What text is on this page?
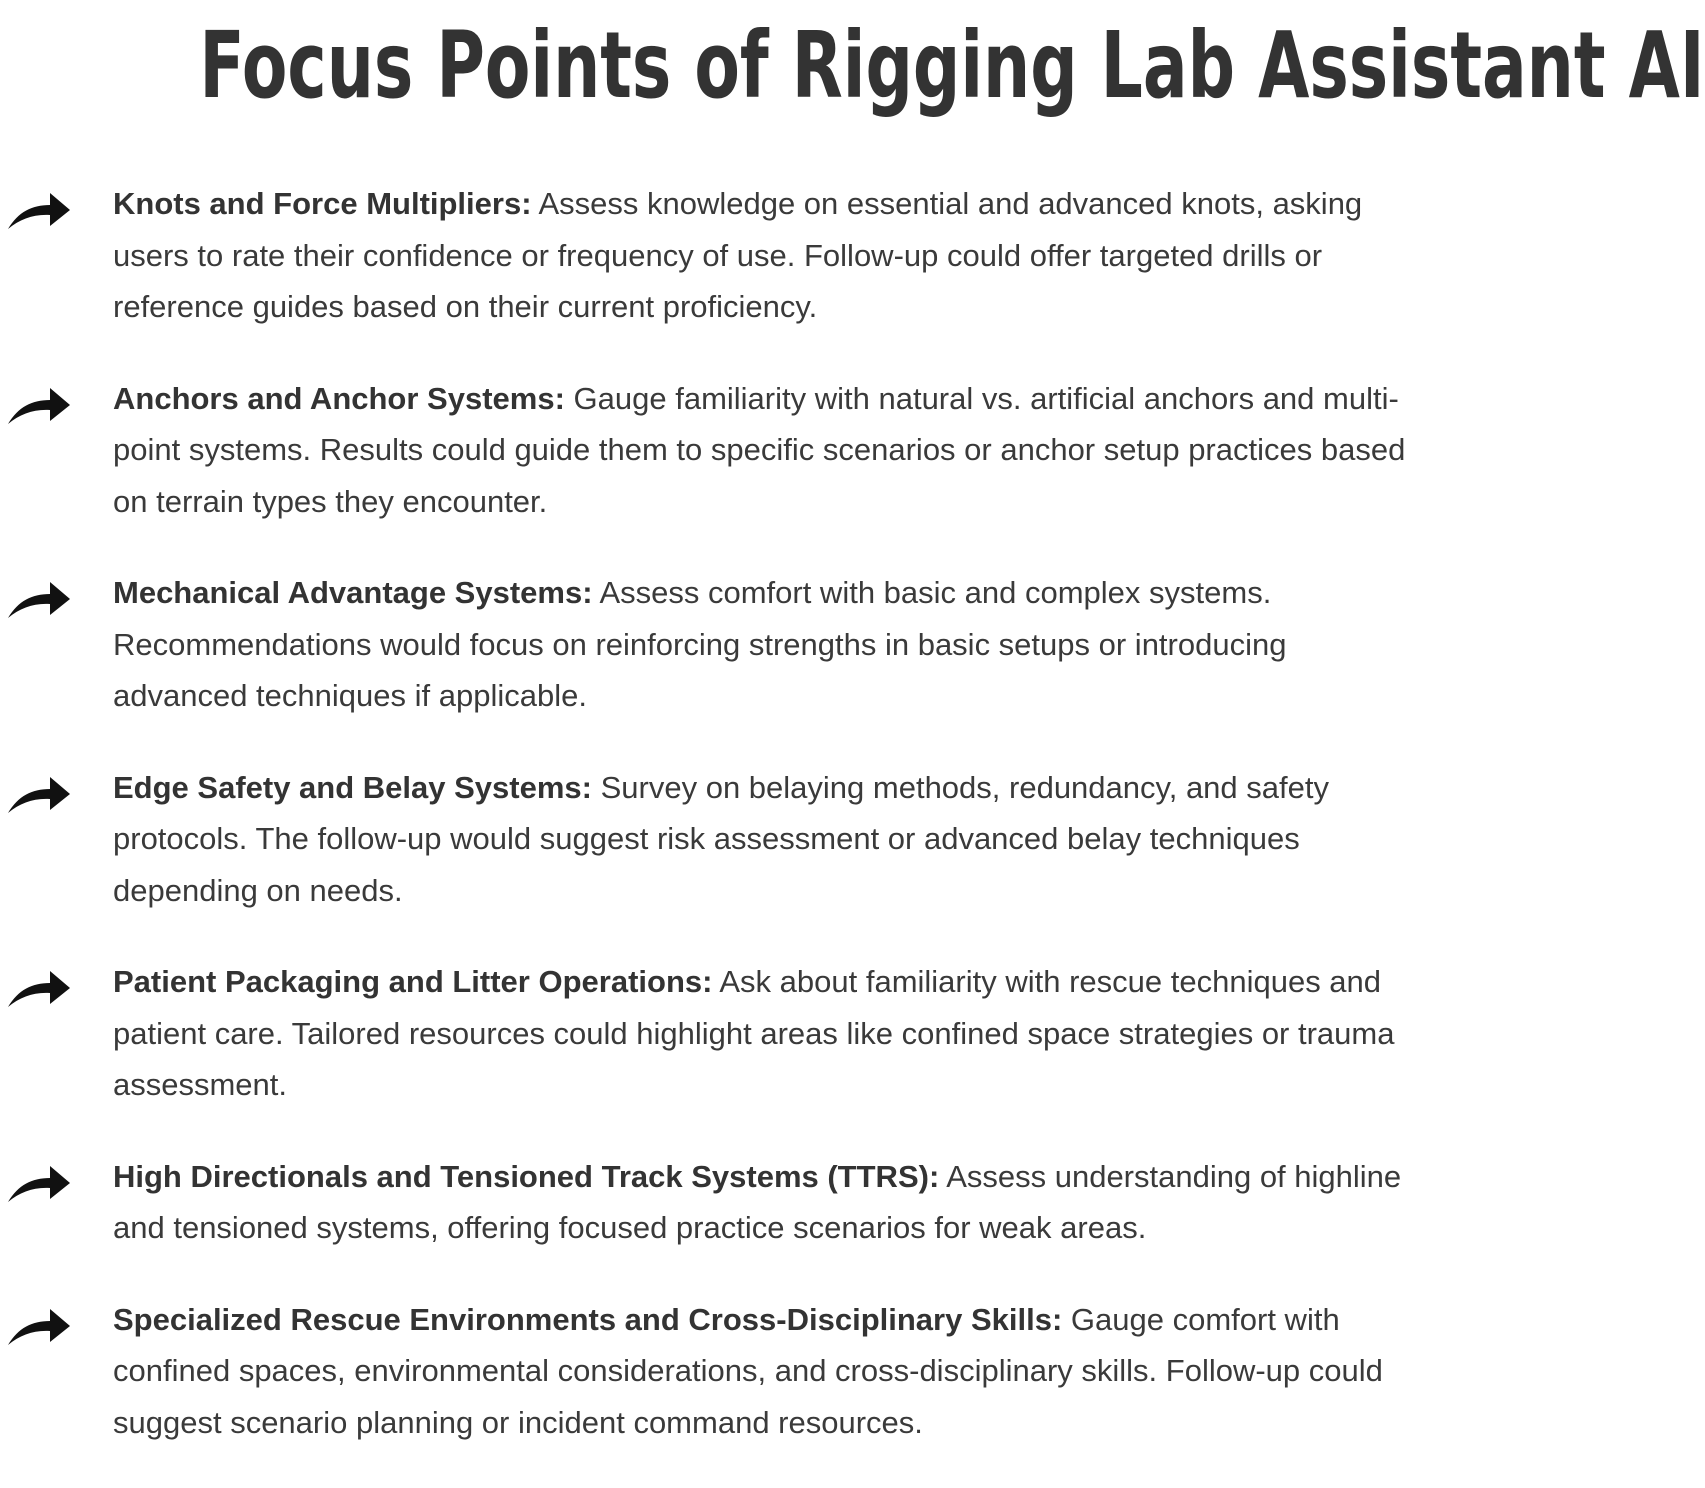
Focus Points of Rigging Lab Assistant AI

Knots and Force Multipliers: Assess knowledge on essential and advanced knots, asking users to rate their confidence or frequency of use. Follow-up could offer targeted drills or reference guides based on their current proficiency.

Anchors and Anchor Systems: Gauge familiarity with natural vs. artificial anchors and multi-point systems. Results could guide them to specific scenarios or anchor setup practices based on terrain types they encounter.

Mechanical Advantage Systems: Assess comfort with basic and complex systems. Recommendations would focus on reinforcing strengths in basic setups or introducing advanced techniques if applicable.

Edge Safety and Belay Systems: Survey on belaying methods, redundancy, and safety protocols. The follow-up would suggest risk assessment or advanced belay techniques depending on needs.

Patient Packaging and Litter Operations: Ask about familiarity with rescue techniques and patient care. Tailored resources could highlight areas like confined space strategies or trauma assessment.

High Directionals and Tensioned Track Systems (TTRS): Assess understanding of highline and tensioned systems, offering focused practice scenarios for weak areas.

Specialized Rescue Environments and Cross-Disciplinary Skills: Gauge comfort with confined spaces, environmental considerations, and cross-disciplinary skills. Follow-up could suggest scenario planning or incident command resources.
